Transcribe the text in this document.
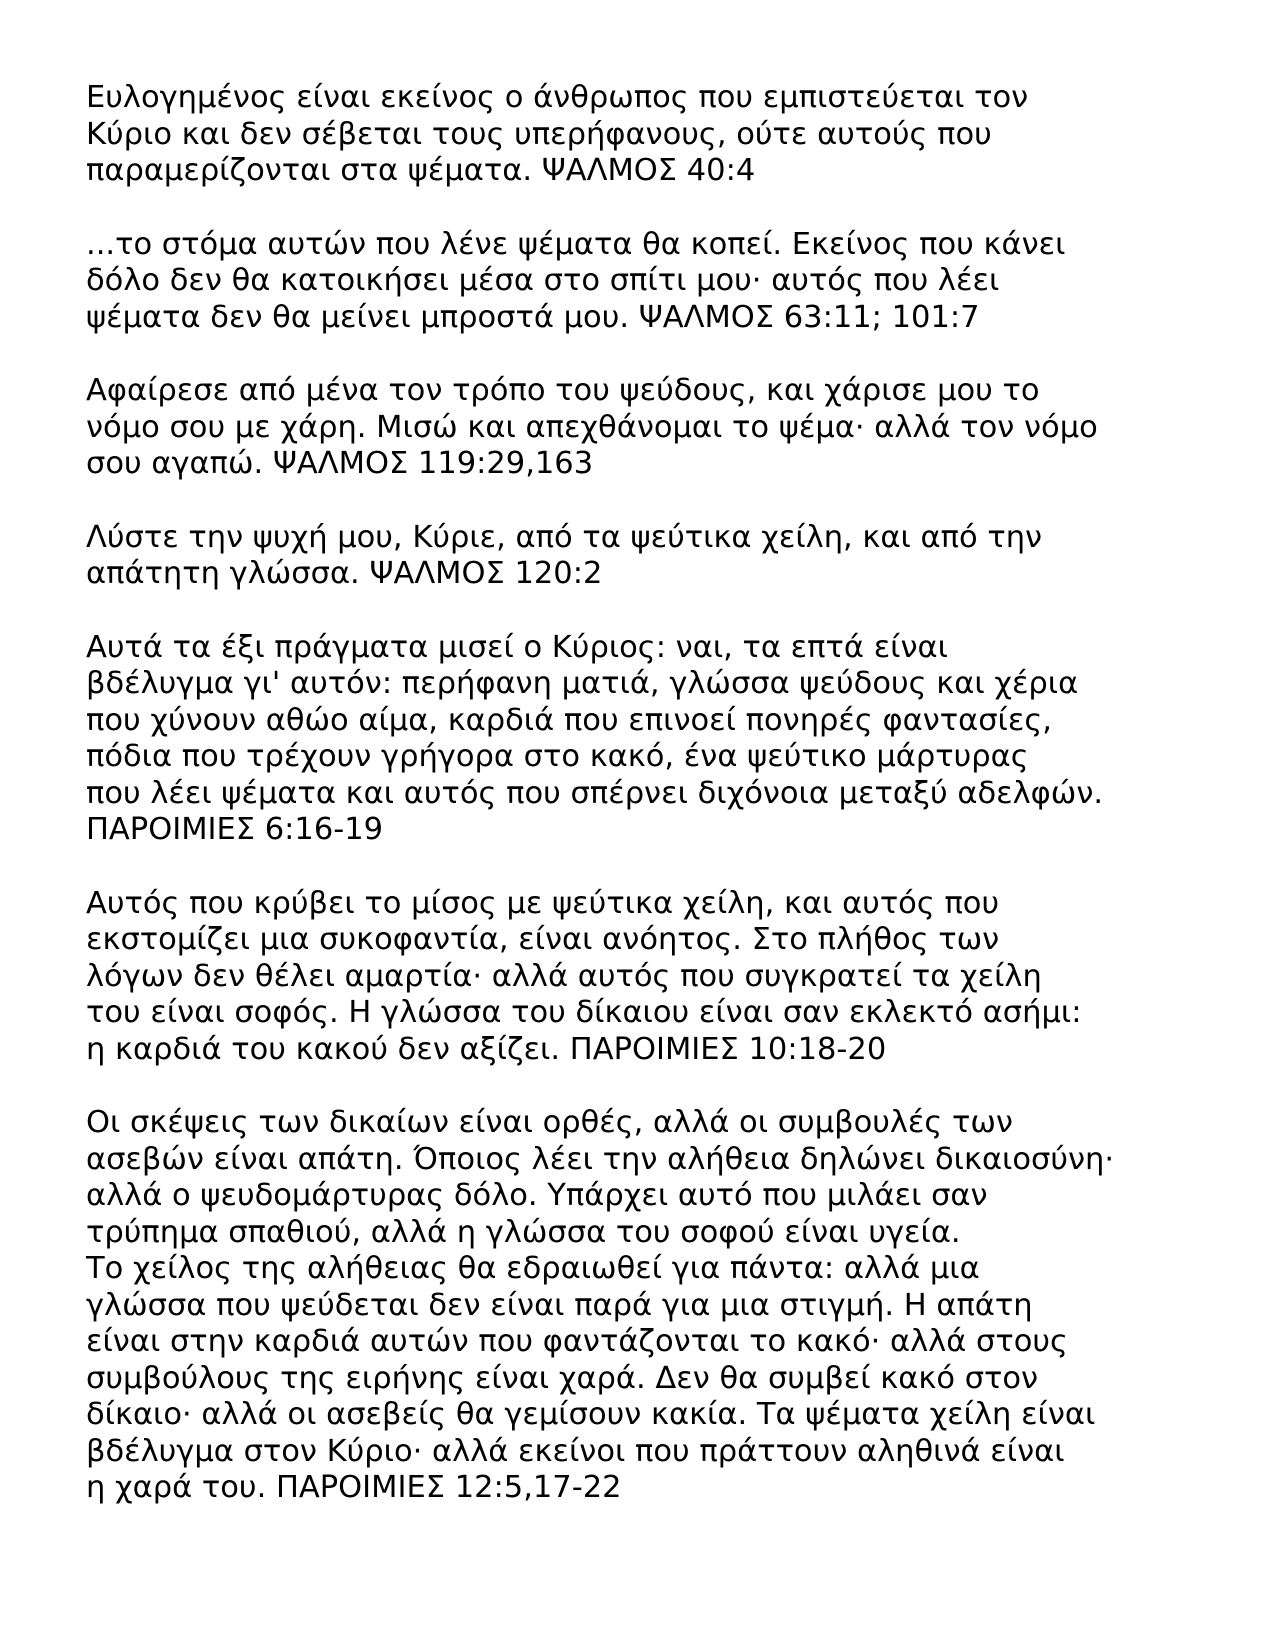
Ευλογημένος είναι εκείνος ο άνθρωπος που εμπιστεύεται τον
Κύριο και δεν σέβεται τους υπερήφανους, ούτε αυτούς που
παραμερίζονται στα ψέματα. ΨΑΛΜΟΣ 40:4

...το στόμα αυτών που λένε ψέματα θα κοπεί. Εκείνος που κάνει
δόλο δεν θα κατοικήσει μέσα στο σπίτι μου· αυτός που λέει
ψέματα δεν θα μείνει μπροστά μου. ΨΑΛΜΟΣ 63:11; 101:7

Αφαίρεσε από μένα τον τρόπο του ψεύδους, και χάρισε μου το
νόμο σου με χάρη. Μισώ και απεχθάνομαι το ψέμα· αλλά τον νόμο
σου αγαπώ. ΨΑΛΜΟΣ 119:29,163

Λύστε την ψυχή μου, Κύριε, από τα ψεύτικα χείλη, και από την
απάτητη γλώσσα. ΨΑΛΜΟΣ 120:2

Αυτά τα έξι πράγματα μισεί ο Κύριος: ναι, τα επτά είναι
βδέλυγμα γι' αυτόν: περήφανη ματιά, γλώσσα ψεύδους και χέρια
που χύνουν αθώο αίμα, καρδιά που επινοεί πονηρές φαντασίες,
πόδια που τρέχουν γρήγορα στο κακό, ένα ψεύτικο μάρτυρας
που λέει ψέματα και αυτός που σπέρνει διχόνοια μεταξύ αδελφών.
ΠΑΡΟΙΜΙΕΣ 6:16-19

Αυτός που κρύβει το μίσος με ψεύτικα χείλη, και αυτός που
εκστομίζει μια συκοφαντία, είναι ανόητος. Στο πλήθος των
λόγων δεν θέλει αμαρτία· αλλά αυτός που συγκρατεί τα χείλη
του είναι σοφός. Η γλώσσα του δίκαιου είναι σαν εκλεκτό ασήμι:
η καρδιά του κακού δεν αξίζει. ΠΑΡΟΙΜΙΕΣ 10:18-20

Οι σκέψεις των δικαίων είναι ορθές, αλλά οι συμβουλές των
ασεβών είναι απάτη. Όποιος λέει την αλήθεια δηλώνει δικαιοσύνη·
αλλά ο ψευδομάρτυρας δόλο. Υπάρχει αυτό που μιλάει σαν
τρύπημα σπαθιού, αλλά η γλώσσα του σοφού είναι υγεία.
Το χείλος της αλήθειας θα εδραιωθεί για πάντα: αλλά μια
γλώσσα που ψεύδεται δεν είναι παρά για μια στιγμή. Η απάτη
είναι στην καρδιά αυτών που φαντάζονται το κακό· αλλά στους
συμβούλους της ειρήνης είναι χαρά. Δεν θα συμβεί κακό στον
δίκαιο· αλλά οι ασεβείς θα γεμίσουν κακία. Τα ψέματα χείλη είναι
βδέλυγμα στον Κύριο· αλλά εκείνοι που πράττουν αληθινά είναι
η χαρά του. ΠΑΡΟΙΜΙΕΣ 12:5,17-22
